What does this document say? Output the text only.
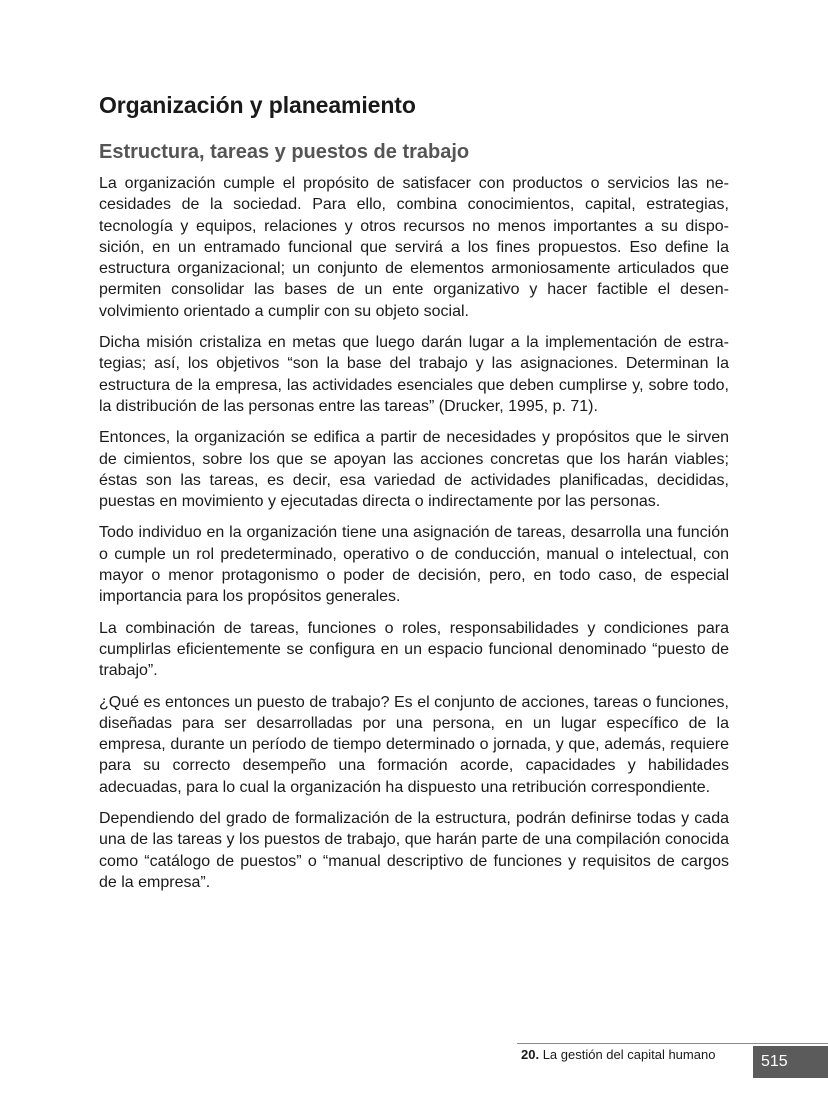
Organización y planeamiento
Estructura, tareas y puestos de trabajo

La organización cumple el propósito de satisfacer con productos o servicios las necesidades de la sociedad. Para ello, combina conocimientos, capital, estrategias, tecnología y equipos, relaciones y otros recursos no menos importantes a su disposición, en un entramado funcional que servirá a los fines propuestos. Eso define la estructura organizacional; un conjunto de elementos armoniosamente articulados que permiten consolidar las bases de un ente organizativo y hacer factible el desenvolvimiento orientado a cumplir con su objeto social.

Dicha misión cristaliza en metas que luego darán lugar a la implementación de estrategias; así, los objetivos “son la base del trabajo y las asignaciones. Determinan la estructura de la empresa, las actividades esenciales que deben cumplirse y, sobre todo, la distribución de las personas entre las tareas” (Drucker, 1995, p. 71).

Entonces, la organización se edifica a partir de necesidades y propósitos que le sirven de cimientos, sobre los que se apoyan las acciones concretas que los harán viables; éstas son las tareas, es decir, esa variedad de actividades planificadas, decididas, puestas en movimiento y ejecutadas directa o indirectamente por las personas.

Todo individuo en la organización tiene una asignación de tareas, desarrolla una función o cumple un rol predeterminado, operativo o de conducción, manual o intelectual, con mayor o menor protagonismo o poder de decisión, pero, en todo caso, de especial importancia para los propósitos generales.

La combinación de tareas, funciones o roles, responsabilidades y condiciones para cumplirlas eficientemente se configura en un espacio funcional denominado “puesto de trabajo”.

¿Qué es entonces un puesto de trabajo? Es el conjunto de acciones, tareas o funciones, diseñadas para ser desarrolladas por una persona, en un lugar específico de la empresa, durante un período de tiempo determinado o jornada, y que, además, requiere para su correcto desempeño una formación acorde, capacidades y habilidades adecuadas, para lo cual la organización ha dispuesto una retribución correspondiente.

Dependiendo del grado de formalización de la estructura, podrán definirse todas y cada una de las tareas y los puestos de trabajo, que harán parte de una compilación conocida como “catálogo de puestos” o “manual descriptivo de funciones y requisitos de cargos de la empresa”.

20. La gestión del capital humano	515
